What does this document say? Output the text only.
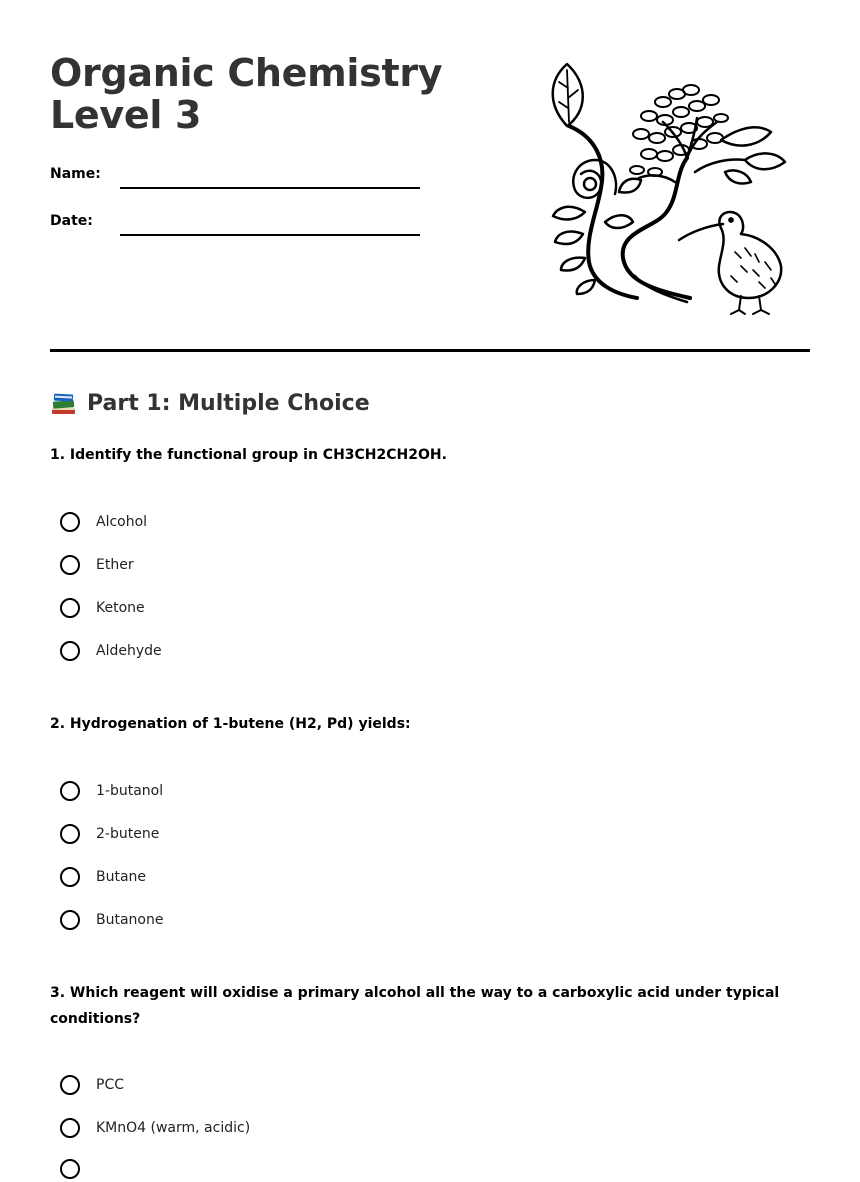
Organic Chemistry Level 3
Name:
Date:
Part 1: Multiple Choice

1. Identify the functional group in CH3CH2CH2OH.

Alcohol
Ether
Ketone
Aldehyde

2. Hydrogenation of 1-butene (H2, Pd) yields:

1-butanol
2-butene
Butane
Butanone

3. Which reagent will oxidise a primary alcohol all the way to a carboxylic acid under typical conditions?

PCC
KMnO4 (warm, acidic)
